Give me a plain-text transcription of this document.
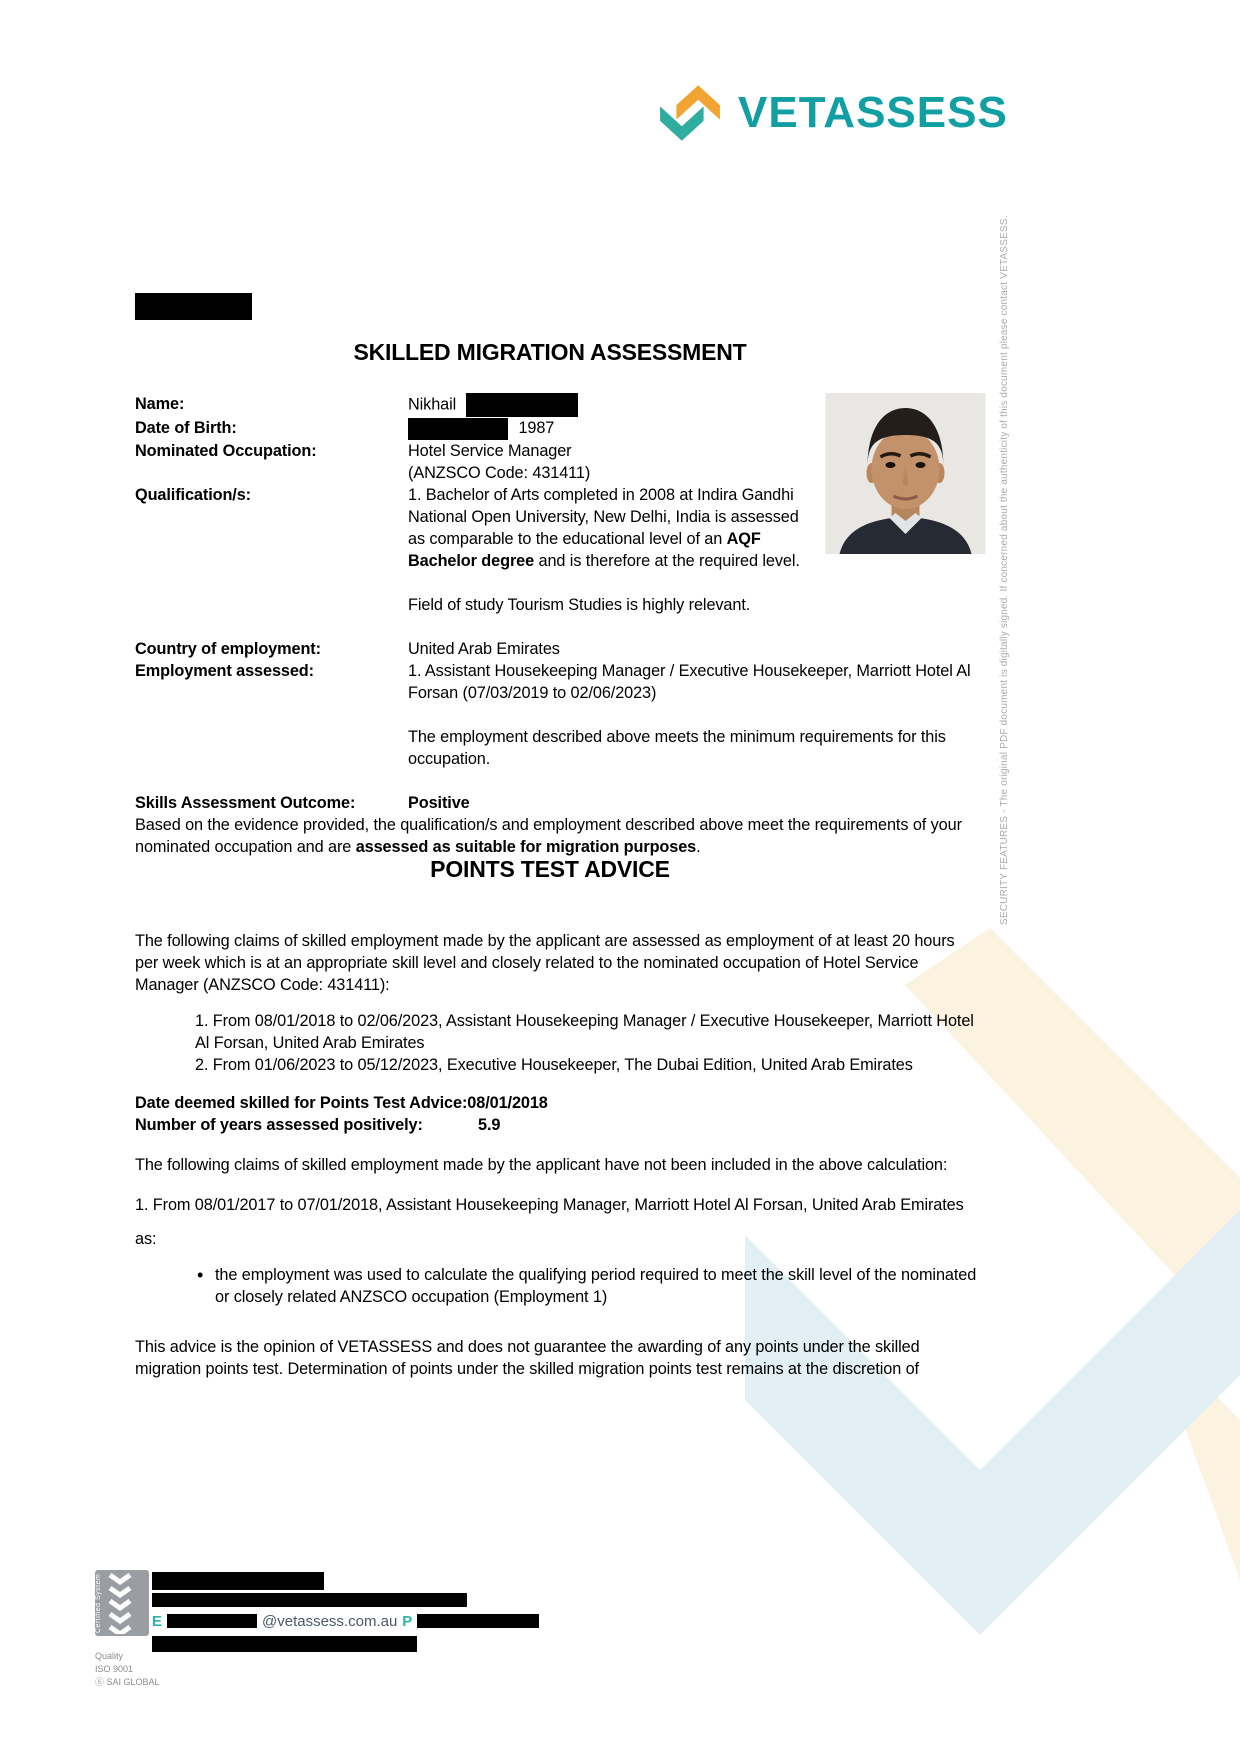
VETASSESS
SECURITY FEATURES - The original PDF document is digitally signed. If concerned about the authenticity of this document please contact VETASSESS.
SKILLED MIGRATION ASSESSMENT
Name:	Nikhail
Date of Birth:	1987
Nominated Occupation:	Hotel Service Manager
(ANZSCO Code: 431411)
Qualification/s:	1. Bachelor of Arts completed in 2008 at Indira Gandhi National Open University, New Delhi, India is assessed as comparable to the educational level of an AQF Bachelor degree and is therefore at the required level.
Field of study Tourism Studies is highly relevant.
Country of employment:	United Arab Emirates
Employment assessed:	1. Assistant Housekeeping Manager / Executive Housekeeper, Marriott Hotel Al Forsan (07/03/2019 to 02/06/2023)
The employment described above meets the minimum requirements for this occupation.
Skills Assessment Outcome:	Positive
Based on the evidence provided, the qualification/s and employment described above meet the requirements of your nominated occupation and are assessed as suitable for migration purposes.
POINTS TEST ADVICE
The following claims of skilled employment made by the applicant are assessed as employment of at least 20 hours per week which is at an appropriate skill level and closely related to the nominated occupation of Hotel Service Manager (ANZSCO Code: 431411):
1. From 08/01/2018 to 02/06/2023, Assistant Housekeeping Manager / Executive Housekeeper, Marriott Hotel Al Forsan, United Arab Emirates
2. From 01/06/2023 to 05/12/2023, Executive Housekeeper, The Dubai Edition, United Arab Emirates
Date deemed skilled for Points Test Advice:08/01/2018
Number of years assessed positively:	5.9
The following claims of skilled employment made by the applicant have not been included in the above calculation:
1. From 08/01/2017 to 07/01/2018, Assistant Housekeeping Manager, Marriott Hotel Al Forsan, United Arab Emirates
as:
• the employment was used to calculate the qualifying period required to meet the skill level of the nominated or closely related ANZSCO occupation (Employment 1)
This advice is the opinion of VETASSESS and does not guarantee the awarding of any points under the skilled migration points test. Determination of points under the skilled migration points test remains at the discretion of
Certified System
Quality
ISO 9001
Ⓢ SAI GLOBAL
E	@vetassess.com.au P
